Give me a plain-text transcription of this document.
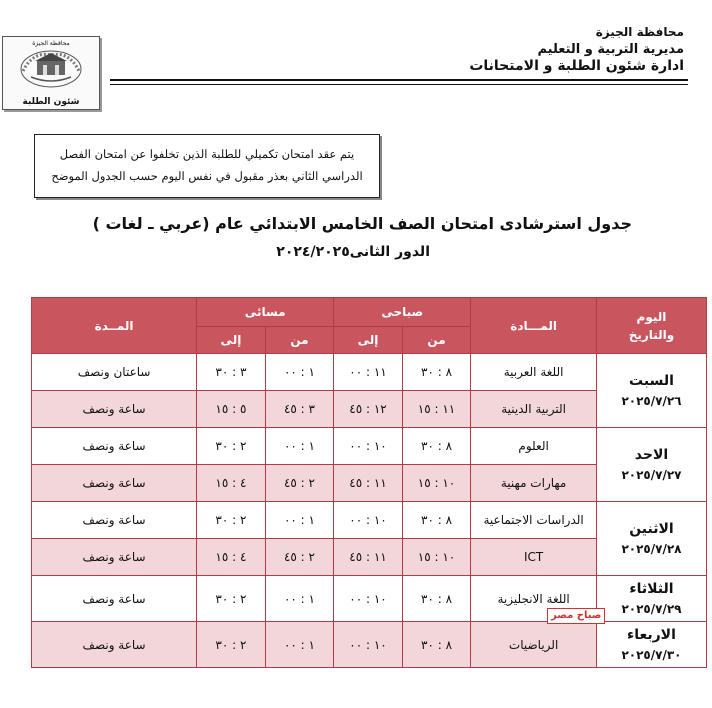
محافظة الجيزة
مديرية التربية و التعليم
ادارة شئون الطلبة و الامتحانات
محافظة الجيزة
شئون الطلبة
يتم عقد امتحان تكميلي للطلبة الذين تخلفوا عن امتحان الفصل
الدراسي الثاني بعذر مقبول في نفس اليوم حسب الجدول الموضح
جدول استرشادى امتحان الصف الخامس الابتدائي عام (عربي ـ لغات )
الدور الثانى٢٠٢٤/٢٠٢٥
اليوم
والتاريخ	المـــادة	صباحى		مسائى		المــدة
		من	إلى	من	إلى	

السبت
٢٠٢٥/٧/٢٦	اللغة العربية	٨ : ٣٠	١١ : ٠٠	١ : ٠٠	٣ : ٣٠	ساعتان ونصف
	التربية الدينية	١١ : ١٥	١٢ : ٤٥	٣ : ٤٥	٥ : ١٥	ساعة ونصف

الاحد
٢٠٢٥/٧/٢٧	العلوم	٨ : ٣٠	١٠ : ٠٠	١ : ٠٠	٢ : ٣٠	ساعة ونصف
	مهارات مهنية	١٠ : ١٥	١١ : ٤٥	٢ : ٤٥	٤ : ١٥	ساعة ونصف

الاثنين
٢٠٢٥/٧/٢٨	الدراسات الاجتماعية	٨ : ٣٠	١٠ : ٠٠	١ : ٠٠	٢ : ٣٠	ساعة ونصف
	ICT	١٠ : ١٥	١١ : ٤٥	٢ : ٤٥	٤ : ١٥	ساعة ونصف

الثلاثاء
٢٠٢٥/٧/٢٩	اللغة الانجليزية	٨ : ٣٠	١٠ : ٠٠	١ : ٠٠	٢ : ٣٠	ساعة ونصف

الاربعاء
٢٠٢٥/٧/٣٠	الرياضيات	٨ : ٣٠	١٠ : ٠٠	١ : ٠٠	٢ : ٣٠	ساعة ونصف
صباح مصر
